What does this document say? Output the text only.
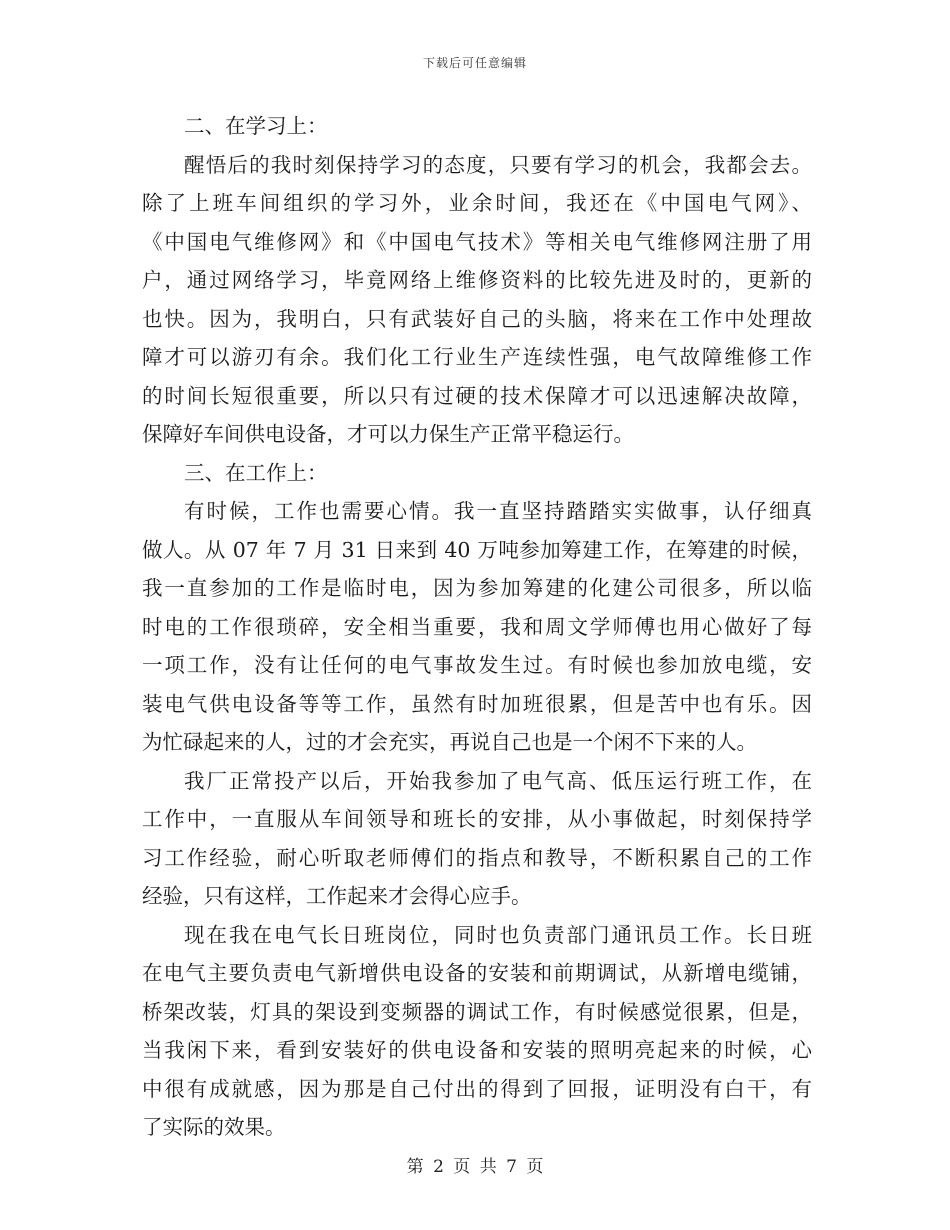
下载后可任意编辑
二、在学习上：
醒悟后的我时刻保持学习的态度，只要有学习的机会，我都会去。
除了上班车间组织的学习外，业余时间，我还在《中国电气网》、
《中国电气维修网》和《中国电气技术》等相关电气维修网注册了用
户，通过网络学习，毕竟网络上维修资料的比较先进及时的，更新的
也快。因为，我明白，只有武装好自己的头脑，将来在工作中处理故
障才可以游刃有余。我们化工行业生产连续性强，电气故障维修工作
的时间长短很重要，所以只有过硬的技术保障才可以迅速解决故障，
保障好车间供电设备，才可以力保生产正常平稳运行。
三、在工作上：
有时候，工作也需要心情。我一直坚持踏踏实实做事，认仔细真
做人。从 07 年 7 月 31 日来到 40 万吨参加筹建工作，在筹建的时候，
我一直参加的工作是临时电，因为参加筹建的化建公司很多，所以临
时电的工作很琐碎，安全相当重要，我和周文学师傅也用心做好了每
一项工作，没有让任何的电气事故发生过。有时候也参加放电缆，安
装电气供电设备等等工作，虽然有时加班很累，但是苦中也有乐。因
为忙碌起来的人，过的才会充实，再说自己也是一个闲不下来的人。
我厂正常投产以后，开始我参加了电气高、低压运行班工作，在
工作中，一直服从车间领导和班长的安排，从小事做起，时刻保持学
习工作经验，耐心听取老师傅们的指点和教导，不断积累自己的工作
经验，只有这样，工作起来才会得心应手。
现在我在电气长日班岗位，同时也负责部门通讯员工作。长日班
在电气主要负责电气新增供电设备的安装和前期调试，从新增电缆铺，
桥架改装，灯具的架设到变频器的调试工作，有时候感觉很累，但是，
当我闲下来，看到安装好的供电设备和安装的照明亮起来的时候，心
中很有成就感，因为那是自己付出的得到了回报，证明没有白干，有
了实际的效果。
第 2 页 共 7 页
